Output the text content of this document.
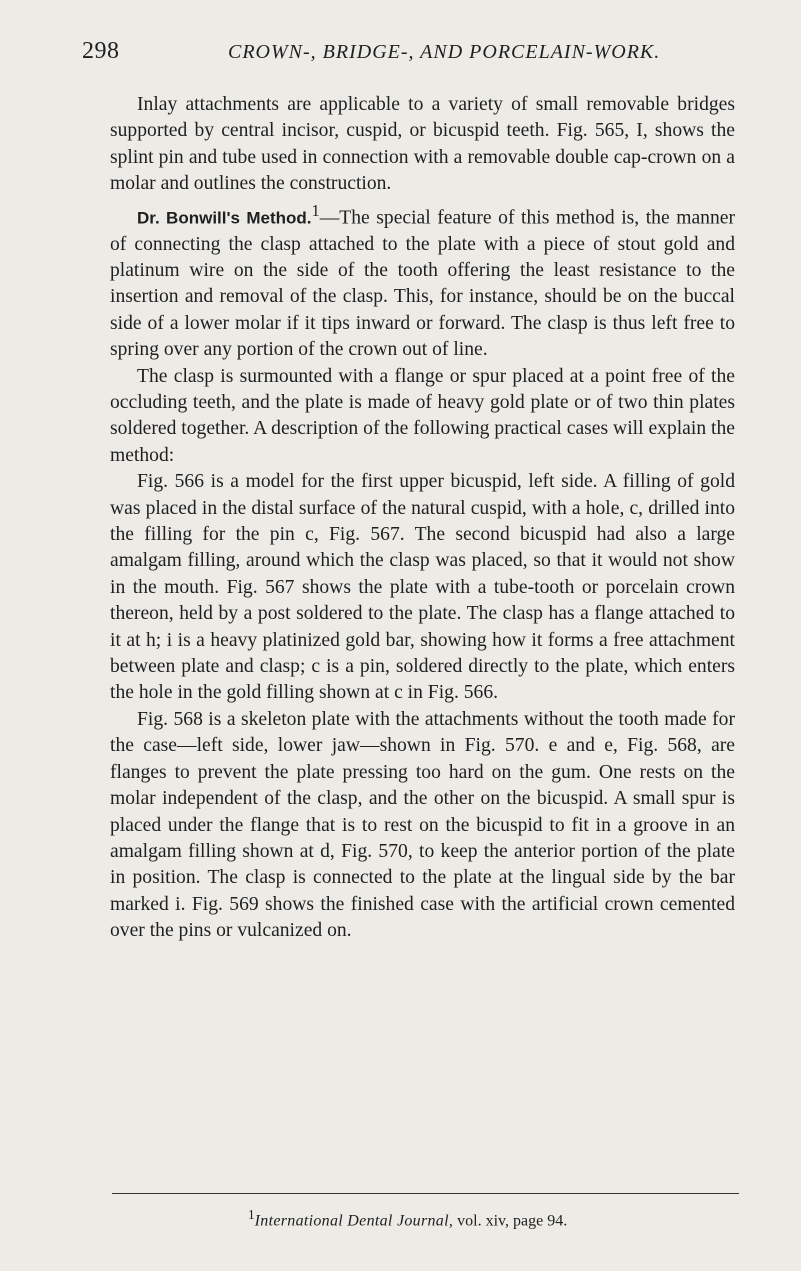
298	CROWN-, BRIDGE-, AND PORCELAIN-WORK.

Inlay attachments are applicable to a variety of small removable bridges supported by central incisor, cuspid, or bicuspid teeth. Fig. 565, I, shows the splint pin and tube used in connection with a removable double cap-crown on a molar and outlines the construction.

Dr. Bonwill's Method.$^1$—The special feature of this method is, the manner of connecting the clasp attached to the plate with a piece of stout gold and platinum wire on the side of the tooth offering the least resistance to the insertion and removal of the clasp. This, for instance, should be on the buccal side of a lower molar if it tips inward or forward. The clasp is thus left free to spring over any portion of the crown out of line.

The clasp is surmounted with a flange or spur placed at a point free of the occluding teeth, and the plate is made of heavy gold plate or of two thin plates soldered together. A description of the following practical cases will explain the method:

Fig. 566 is a model for the first upper bicuspid, left side. A filling of gold was placed in the distal surface of the natural cuspid, with a hole, c, drilled into the filling for the pin c, Fig. 567. The second bicuspid had also a large amalgam filling, around which the clasp was placed, so that it would not show in the mouth. Fig. 567 shows the plate with a tube-tooth or porcelain crown thereon, held by a post soldered to the plate. The clasp has a flange attached to it at h; i is a heavy platinized gold bar, showing how it forms a free attachment between plate and clasp; c is a pin, soldered directly to the plate, which enters the hole in the gold filling shown at c in Fig. 566.

Fig. 568 is a skeleton plate with the attachments without the tooth made for the case—left side, lower jaw—shown in Fig. 570. e and e, Fig. 568, are flanges to prevent the plate pressing too hard on the gum. One rests on the molar independent of the clasp, and the other on the bicuspid. A small spur is placed under the flange that is to rest on the bicuspid to fit in a groove in an amalgam filling shown at d, Fig. 570, to keep the anterior portion of the plate in position. The clasp is connected to the plate at the lingual side by the bar marked i. Fig. 569 shows the finished case with the artificial crown cemented over the pins or vulcanized on.

$^1$International Dental Journal, vol. xiv, page 94.
